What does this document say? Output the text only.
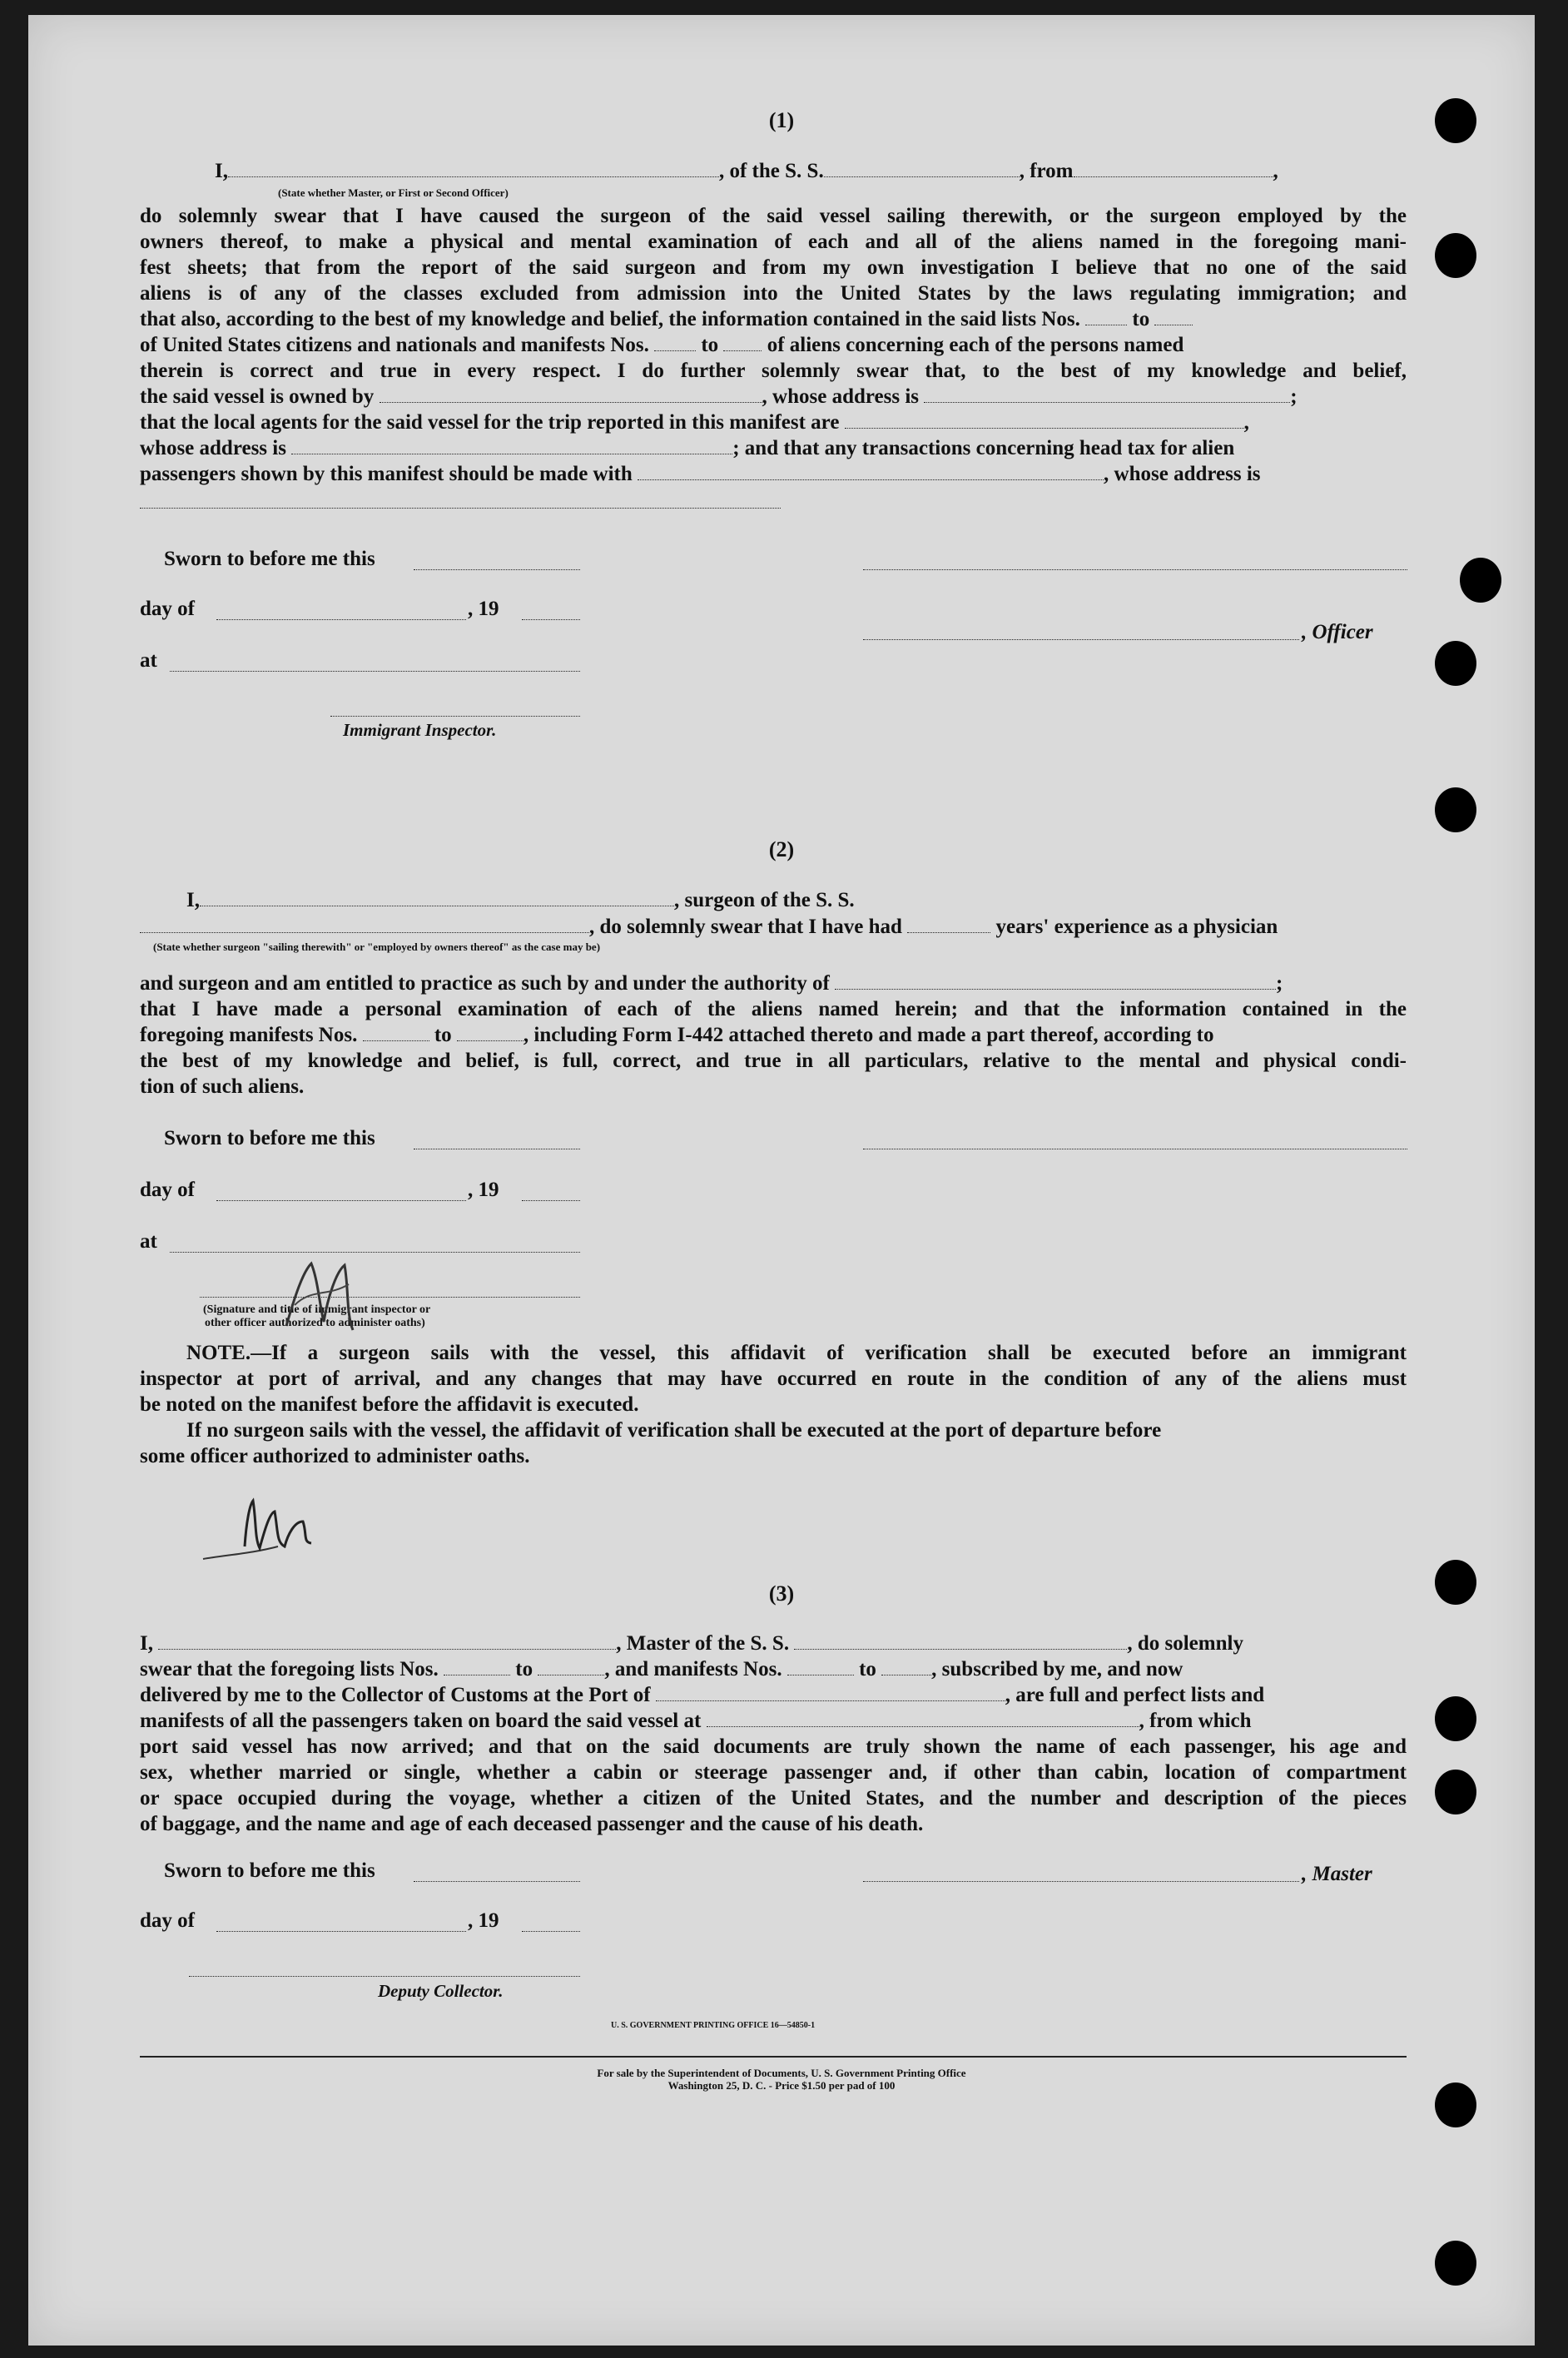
(1)
I,	, of the S. S.	, from	,
(State whether Master, or First or Second Officer)
do solemnly swear that I have caused the surgeon of the said vessel sailing therewith, or the surgeon employed by the
owners thereof, to make a physical and mental examination of each and all of the aliens named in the foregoing mani-
fest sheets; that from the report of the said surgeon and from my own investigation I believe that no one of the said
aliens is of any of the classes excluded from admission into the United States by the laws regulating immigration; and
that also, according to the best of my knowledge and belief, the information contained in the said lists Nos.	to
of United States citizens and nationals and manifests Nos.	to of aliens concerning each of the persons named
therein is correct and true in every respect. I do further solemnly swear that, to the best of my knowledge and belief,
the said vessel is owned by	, whose address is	;
that the local agents for the said vessel for the trip reported in this manifest are	,
whose address is	; and that any transactions concerning head tax for alien
passengers shown by this manifest should be made with	, whose address is
Sworn to before me this
day of	, 19
, Officer
at
Immigrant Inspector.
(2)
I,	, surgeon of the S. S.
, do solemnly swear that I have had	years' experience as a physician
(State whether surgeon "sailing therewith" or "employed by owners thereof" as the case may be)
and surgeon and am entitled to practice as such by and under the authority of	;
that I have made a personal examination of each of the aliens named herein; and that the information contained in the
foregoing manifests Nos.	to	, including Form I-442 attached thereto and made a part thereof, according to
the best of my knowledge and belief, is full, correct, and true in all particulars, relative to the mental and physical condi-
tion of such aliens.
Sworn to before me this
day of	, 19
at
(Signature and title of immigrant inspector or
other officer authorized to administer oaths)
NOTE.—If a surgeon sails with the vessel, this affidavit of verification shall be executed before an immigrant
inspector at port of arrival, and any changes that may have occurred en route in the condition of any of the aliens must
be noted on the manifest before the affidavit is executed.
If no surgeon sails with the vessel, the affidavit of verification shall be executed at the port of departure before
some officer authorized to administer oaths.
(3)
I,	, Master of the S. S.	, do solemnly
swear that the foregoing lists Nos.	to	, and manifests Nos.	to	, subscribed by me, and now
delivered by me to the Collector of Customs at the Port of	, are full and perfect lists and
manifests of all the passengers taken on board the said vessel at	, from which
port said vessel has now arrived; and that on the said documents are truly shown the name of each passenger, his age and
sex, whether married or single, whether a cabin or steerage passenger and, if other than cabin, location of compartment
or space occupied during the voyage, whether a citizen of the United States, and the number and description of the pieces
of baggage, and the name and age of each deceased passenger and the cause of his death.
Sworn to before me this	, Master
day of	, 19
Deputy Collector.
U. S. GOVERNMENT PRINTING OFFICE 16—54850-1
For sale by the Superintendent of Documents, U. S. Government Printing Office
Washington 25, D. C. - Price $1.50 per pad of 100
